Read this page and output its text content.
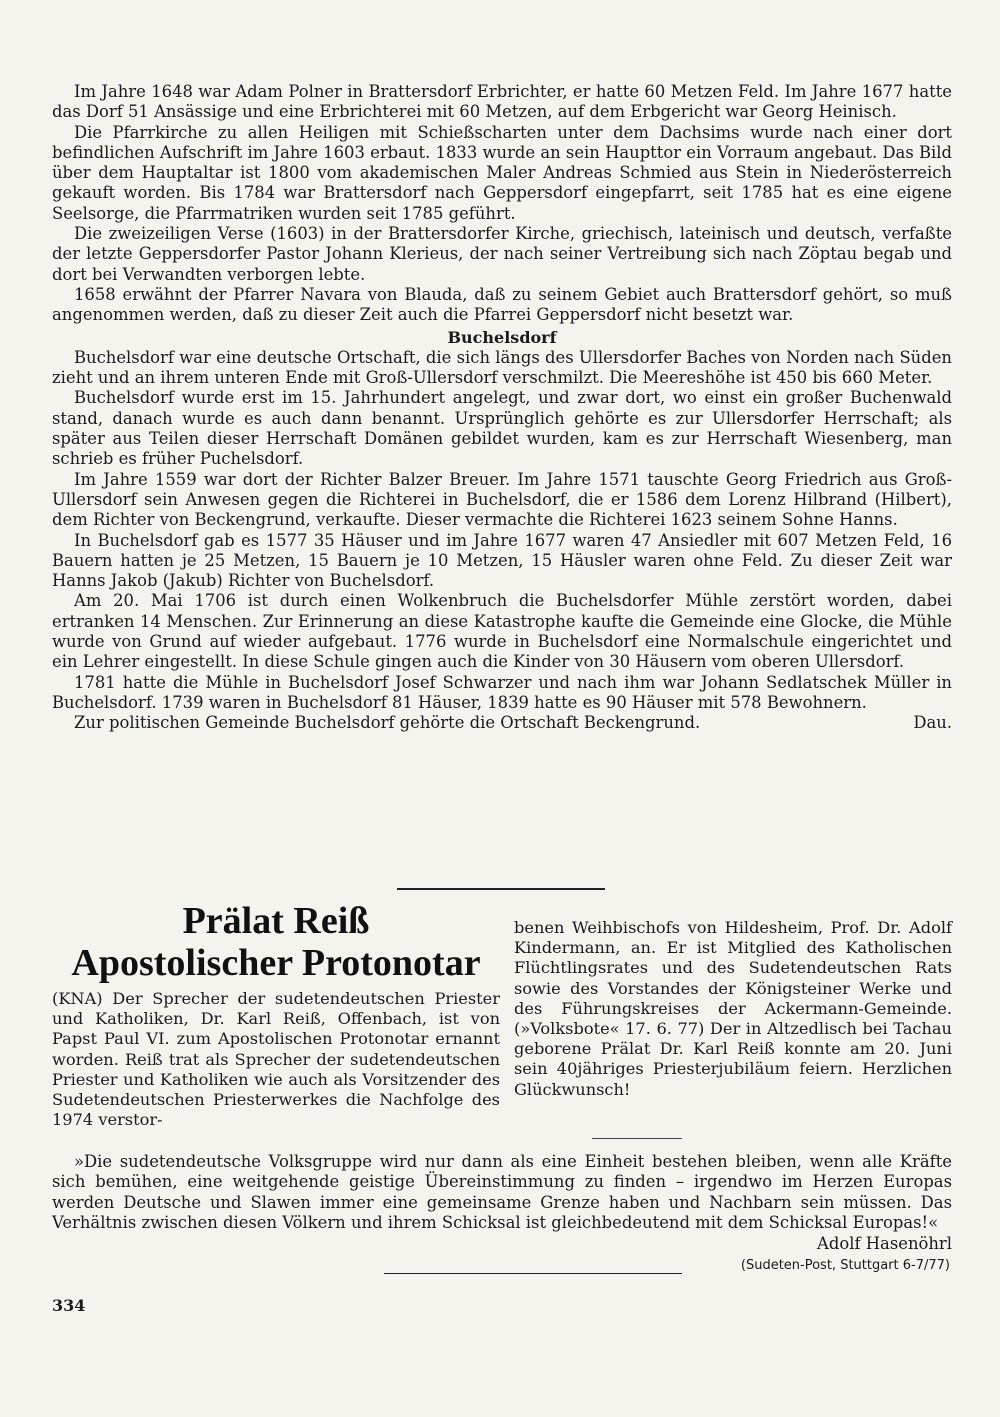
Im Jahre 1648 war Adam Polner in Brattersdorf Erbrichter, er hatte 60 Metzen Feld. Im Jahre 1677 hatte das Dorf 51 Ansässige und eine Erbrichterei mit 60 Metzen, auf dem Erbgericht war Georg Heinisch.

Die Pfarrkirche zu allen Heiligen mit Schießscharten unter dem Dachsims wurde nach einer dort befindlichen Aufschrift im Jahre 1603 erbaut. 1833 wurde an sein Haupttor ein Vorraum angebaut. Das Bild über dem Hauptaltar ist 1800 vom akademischen Maler Andreas Schmied aus Stein in Niederösterreich gekauft worden. Bis 1784 war Brattersdorf nach Geppersdorf eingepfarrt, seit 1785 hat es eine eigene Seelsorge, die Pfarrmatriken wurden seit 1785 geführt.

Die zweizeiligen Verse (1603) in der Brattersdorfer Kirche, griechisch, lateinisch und deutsch, verfaßte der letzte Geppersdorfer Pastor Johann Klerieus, der nach seiner Vertreibung sich nach Zöptau begab und dort bei Verwandten verborgen lebte.

1658 erwähnt der Pfarrer Navara von Blauda, daß zu seinem Gebiet auch Brattersdorf gehört, so muß angenommen werden, daß zu dieser Zeit auch die Pfarrei Geppersdorf nicht besetzt war.

Buchelsdorf

Buchelsdorf war eine deutsche Ortschaft, die sich längs des Ullersdorfer Baches von Norden nach Süden zieht und an ihrem unteren Ende mit Groß-Ullersdorf verschmilzt. Die Meereshöhe ist 450 bis 660 Meter.

Buchelsdorf wurde erst im 15. Jahrhundert angelegt, und zwar dort, wo einst ein großer Buchenwald stand, danach wurde es auch dann benannt. Ursprünglich gehörte es zur Ullersdorfer Herrschaft; als später aus Teilen dieser Herrschaft Domänen gebildet wurden, kam es zur Herrschaft Wiesenberg, man schrieb es früher Puchelsdorf.

Im Jahre 1559 war dort der Richter Balzer Breuer. Im Jahre 1571 tauschte Georg Friedrich aus Groß-Ullersdorf sein Anwesen gegen die Richterei in Buchelsdorf, die er 1586 dem Lorenz Hilbrand (Hilbert), dem Richter von Beckengrund, verkaufte. Dieser vermachte die Richterei 1623 seinem Sohne Hanns.

In Buchelsdorf gab es 1577 35 Häuser und im Jahre 1677 waren 47 Ansiedler mit 607 Metzen Feld, 16 Bauern hatten je 25 Metzen, 15 Bauern je 10 Metzen, 15 Häusler waren ohne Feld. Zu dieser Zeit war Hanns Jakob (Jakub) Richter von Buchelsdorf.

Am 20. Mai 1706 ist durch einen Wolkenbruch die Buchelsdorfer Mühle zerstört worden, dabei ertranken 14 Menschen. Zur Erinnerung an diese Katastrophe kaufte die Gemeinde eine Glocke, die Mühle wurde von Grund auf wieder aufgebaut. 1776 wurde in Buchelsdorf eine Normalschule eingerichtet und ein Lehrer eingestellt. In diese Schule gingen auch die Kinder von 30 Häusern vom oberen Ullersdorf.

1781 hatte die Mühle in Buchelsdorf Josef Schwarzer und nach ihm war Johann Sedlatschek Müller in Buchelsdorf. 1739 waren in Buchelsdorf 81 Häuser, 1839 hatte es 90 Häuser mit 578 Bewohnern.

Zur politischen Gemeinde Buchelsdorf gehörte die Ortschaft Beckengrund.	Dau.

Prälat Reiß
Apostolischer Protonotar

(KNA) Der Sprecher der sudetendeutschen Priester und Katholiken, Dr. Karl Reiß, Offenbach, ist von Papst Paul VI. zum Apostolischen Protonotar ernannt worden. Reiß trat als Sprecher der sudetendeutschen Priester und Katholiken wie auch als Vorsitzender des Sudetendeutschen Priesterwerkes die Nachfolge des 1974 verstor-

benen Weihbischofs von Hildesheim, Prof. Dr. Adolf Kindermann, an. Er ist Mitglied des Katholischen Flüchtlingsrates und des Sudetendeutschen Rats sowie des Vorstandes der Königsteiner Werke und des Führungskreises der Ackermann-Gemeinde. (»Volksbote« 17. 6. 77) Der in Altzedlisch bei Tachau geborene Prälat Dr. Karl Reiß konnte am 20. Juni sein 40jähriges Priesterjubiläum feiern. Herzlichen Glückwunsch!

»Die sudetendeutsche Volksgruppe wird nur dann als eine Einheit bestehen bleiben, wenn alle Kräfte sich bemühen, eine weitgehende geistige Übereinstimmung zu finden – irgendwo im Herzen Europas werden Deutsche und Slawen immer eine gemeinsame Grenze haben und Nachbarn sein müssen. Das Verhältnis zwischen diesen Völkern und ihrem Schicksal ist gleichbedeutend mit dem Schicksal Europas!«

Adolf Hasenöhrl
(Sudeten-Post, Stuttgart 6-7/77)
334
